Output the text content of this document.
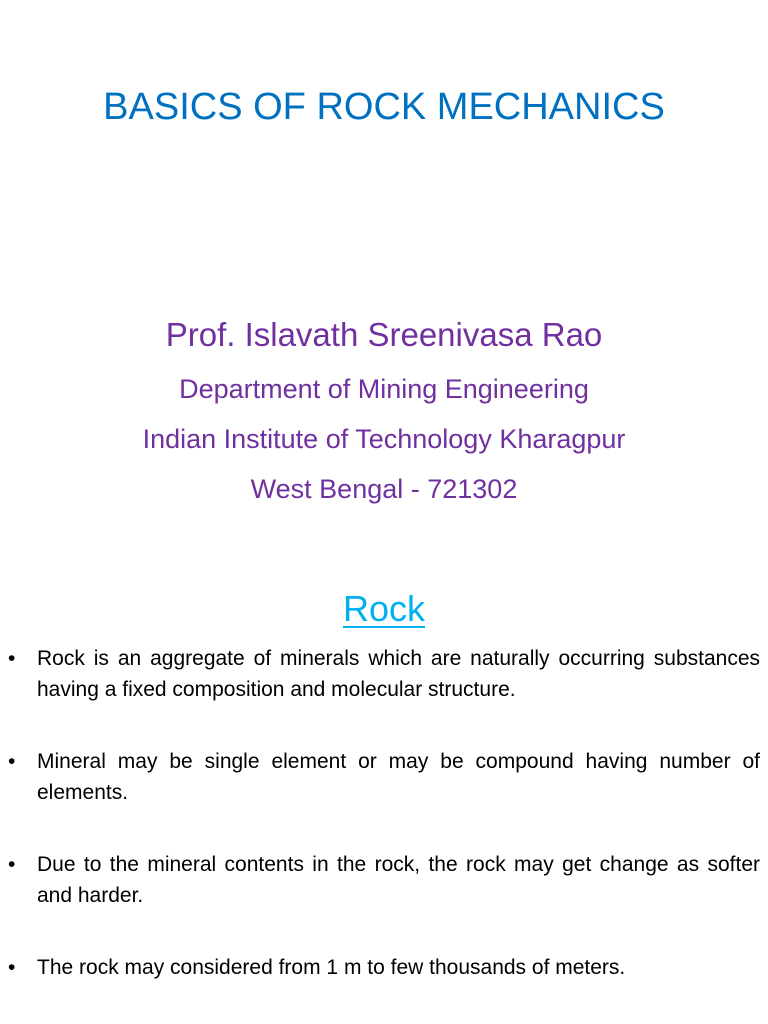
BASICS OF ROCK MECHANICS
Prof. Islavath Sreenivasa Rao
Department of Mining Engineering
Indian Institute of Technology Kharagpur
West Bengal - 721302
Rock
•	Rock is an aggregate of minerals which are naturally occurring substances having a fixed composition and molecular structure.
•	Mineral may be single element or may be compound having number of elements.
•	Due to the mineral contents in the rock, the rock may get change as softer and harder.
•	The rock may considered from 1 m to few thousands of meters.
